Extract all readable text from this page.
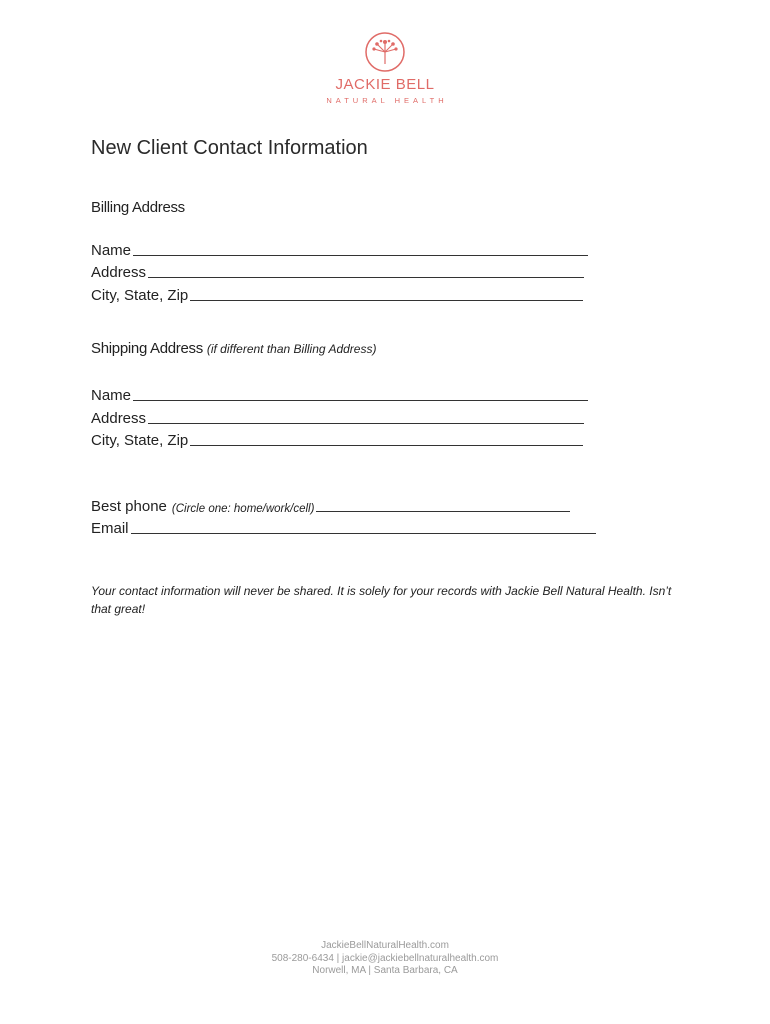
JACKIE BELL
NATURAL HEALTH
New Client Contact Information
Billing Address
Name
Address
City, State, Zip
Shipping Address (if different than Billing Address)
Name
Address
City, State, Zip
Best phone (Circle one: home/work/cell)
Email

Your contact information will never be shared. It is solely for your records with Jackie Bell Natural Health. Isn’t that great!

JackieBellNaturalHealth.com
508-280-6434 | jackie@jackiebellnaturalhealth.com
Norwell, MA | Santa Barbara, CA
